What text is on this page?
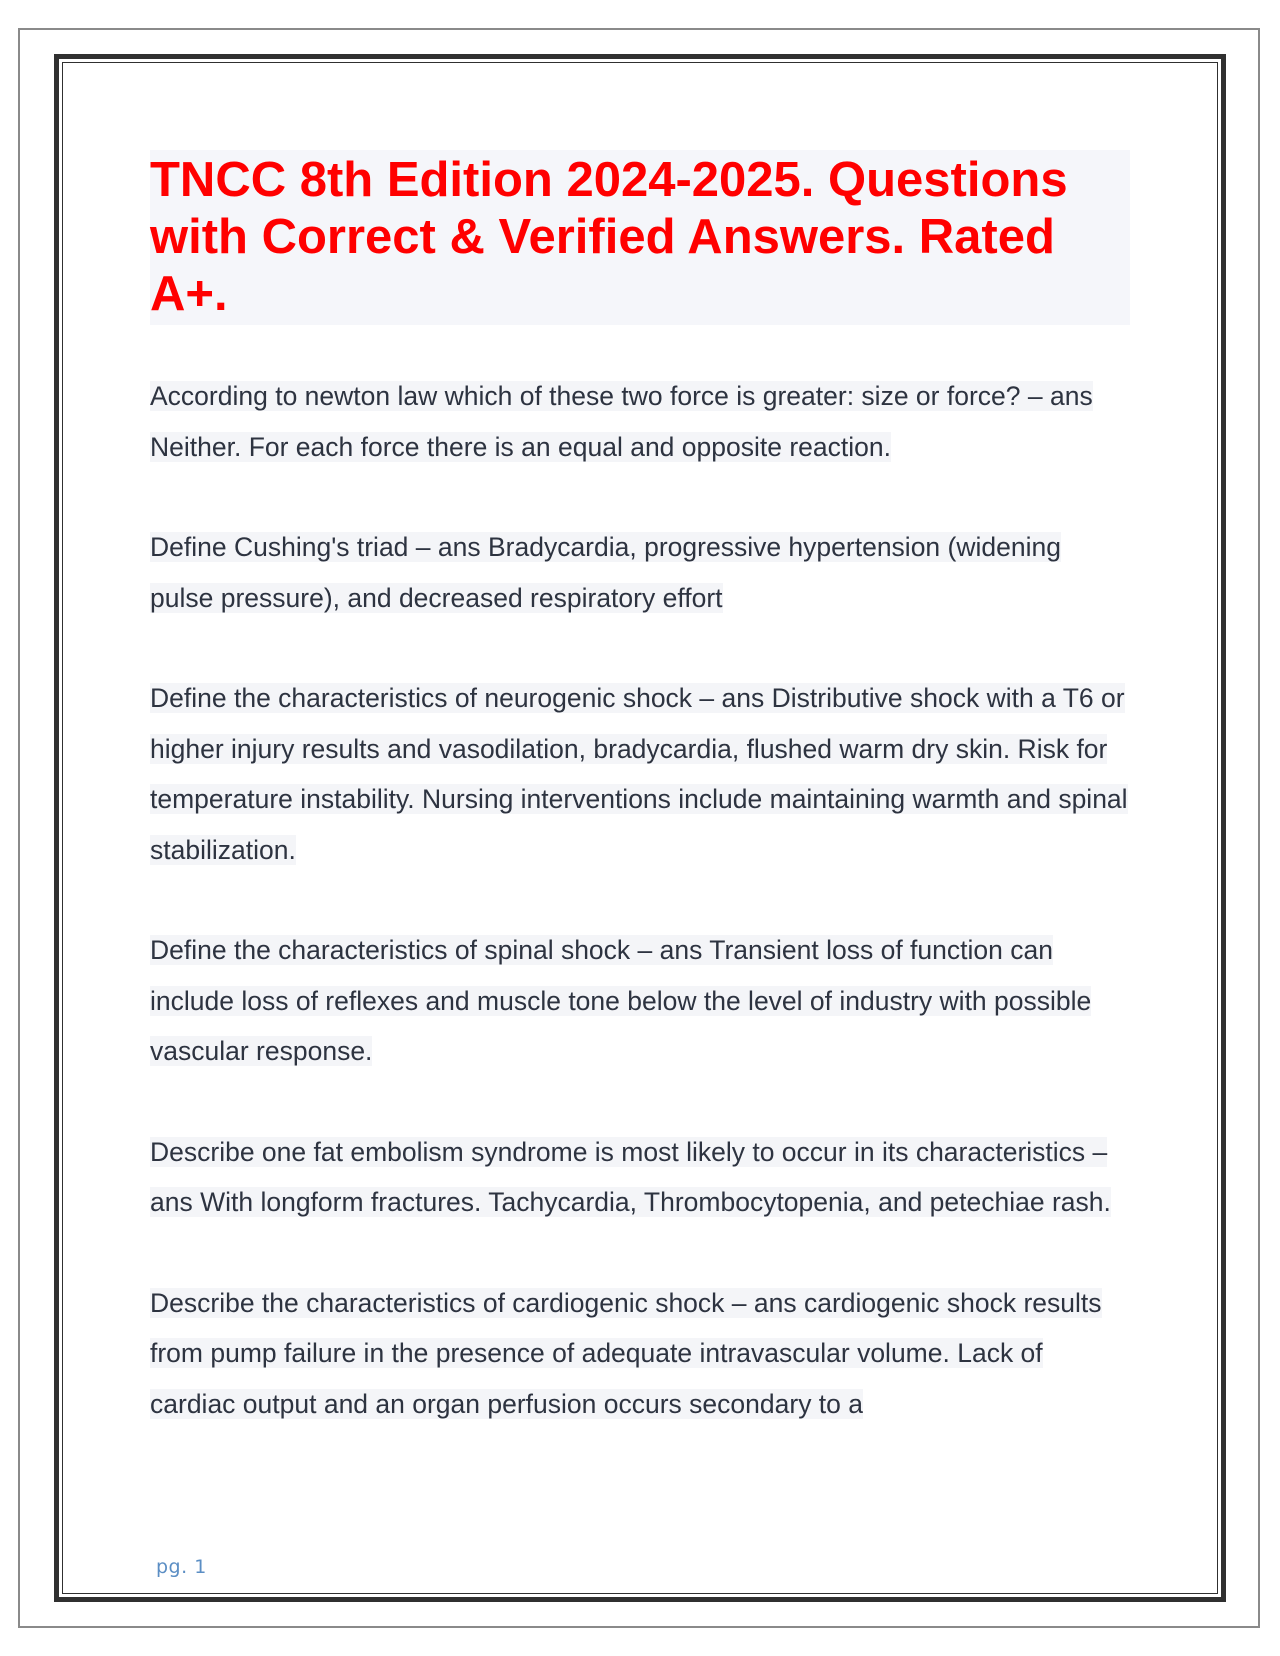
TNCC 8th Edition 2024-2025. Questions with Correct & Verified Answers. Rated A+.

According to newton law which of these two force is greater: size or force? – ans Neither. For each force there is an equal and opposite reaction.

Define Cushing's triad – ans Bradycardia, progressive hypertension (widening pulse pressure), and decreased respiratory effort

Define the characteristics of neurogenic shock – ans Distributive shock with a T6 or higher injury results and vasodilation, bradycardia, flushed warm dry skin. Risk for temperature instability. Nursing interventions include maintaining warmth and spinal stabilization.

Define the characteristics of spinal shock – ans Transient loss of function can include loss of reflexes and muscle tone below the level of industry with possible vascular response.

Describe one fat embolism syndrome is most likely to occur in its characteristics – ans With longform fractures. Tachycardia, Thrombocytopenia, and petechiae rash.

Describe the characteristics of cardiogenic shock – ans cardiogenic shock results from pump failure in the presence of adequate intravascular volume. Lack of cardiac output and an organ perfusion occurs secondary to a

pg. 1
